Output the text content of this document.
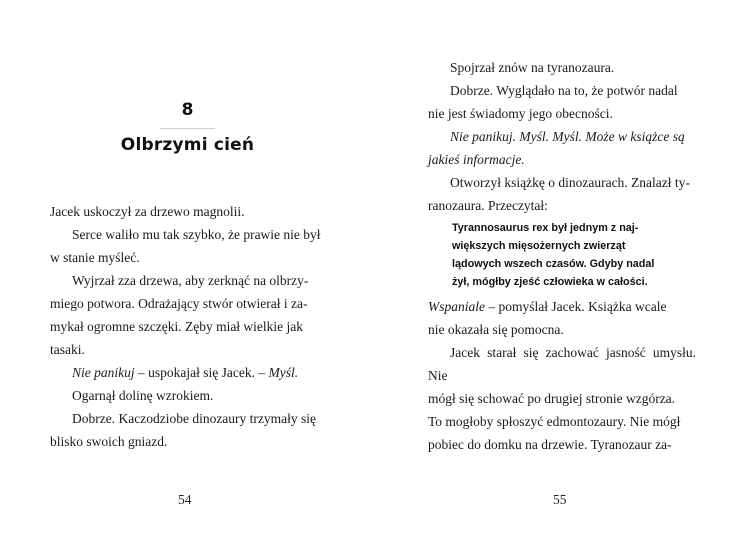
8
Olbrzymi cień

Jacek uskoczył za drzewo magnolii.

Serce waliło mu tak szybko, że prawie nie był
w stanie myśleć.

Wyjrzał zza drzewa, aby zerknąć na olbrzy-
miego potwora. Odrażający stwór otwierał i za-
mykał ogromne szczęki. Zęby miał wielkie jak
tasaki.

Nie panikuj – uspokajał się Jacek. – Myśl.

Ogarnął dolinę wzrokiem.

Dobrze. Kaczodziobe dinozaury trzymały się
blisko swoich gniazd.

54

Spojrzał znów na tyranozaura.

Dobrze. Wyglądało na to, że potwór nadal
nie jest świadomy jego obecności.

Nie panikuj. Myśl. Myśl. Może w książce są
jakieś informacje.

Otworzył książkę o dinozaurach. Znalazł ty-
ranozaura. Przeczytał:

Tyrannosaurus rex był jednym z naj-
większych mięsożernych zwierząt
lądowych wszech czasów. Gdyby nadal
żył, mógłby zjeść człowieka w całości.

Wspaniale – pomyślał Jacek. Książka wcale
nie okazała się pomocna.

Jacek starał się zachować jasność umysłu. Nie
mógł się schować po drugiej stronie wzgórza.
To mogłoby spłoszyć edmontozaury. Nie mógł
pobiec do domku na drzewie. Tyranozaur za-

55
